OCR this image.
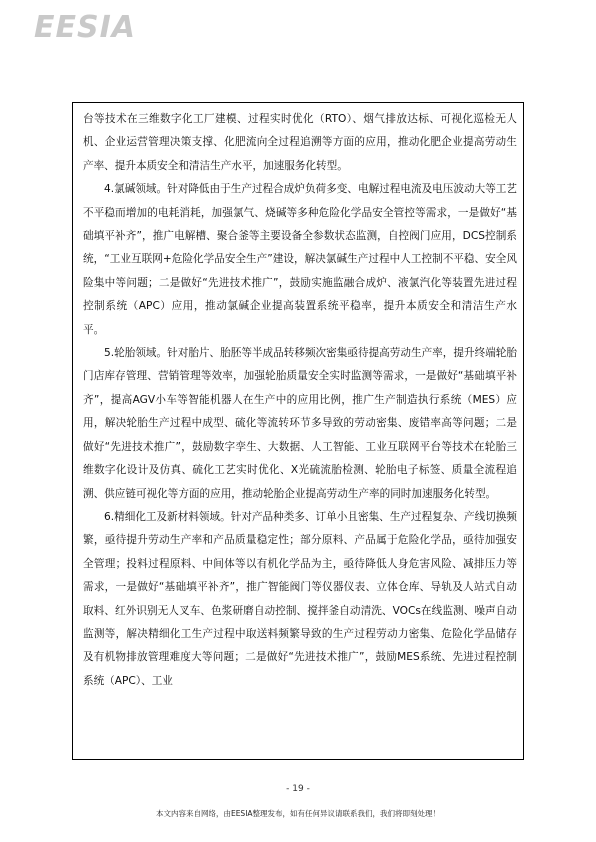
EESIA

台等技术在三维数字化工厂建模、过程实时优化（RTO）、烟气排放达标、可视化巡检无人机、企业运营管理决策支撑、化肥流向全过程追溯等方面的应用，推动化肥企业提高劳动生产率、提升本质安全和清洁生产水平，加速服务化转型。

4.氯碱领域。针对降低由于生产过程合成炉负荷多变、电解过程电流及电压波动大等工艺不平稳而增加的电耗消耗，加强氯气、烧碱等多种危险化学品安全管控等需求，一是做好“基础填平补齐”，推广电解槽、聚合釜等主要设备全参数状态监测，自控阀门应用，DCS控制系统，“工业互联网+危险化学品安全生产”建设，解决氯碱生产过程中人工控制不平稳、安全风险集中等问题；二是做好“先进技术推广”，鼓励实施监融合成炉、液氯汽化等装置先进过程控制系统（APC）应用，推动氯碱企业提高装置系统平稳率，提升本质安全和清洁生产水平。

5.轮胎领域。针对胎片、胎胚等半成品转移频次密集亟待提高劳动生产率，提升终端轮胎门店库存管理、营销管理等效率，加强轮胎质量安全实时监测等需求，一是做好“基础填平补齐”，提高AGV小车等智能机器人在生产中的应用比例，推广生产制造执行系统（MES）应用，解决轮胎生产过程中成型、硫化等流转环节多导致的劳动密集、废错率高等问题；二是做好“先进技术推广”，鼓励数字孪生、大数据、人工智能、工业互联网平台等技术在轮胎三维数字化设计及仿真、硫化工艺实时优化、X光硫流胎检测、轮胎电子标签、质量全流程追溯、供应链可视化等方面的应用，推动轮胎企业提高劳动生产率的同时加速服务化转型。

6.精细化工及新材料领域。针对产品种类多、订单小且密集、生产过程复杂、产线切换频繁，亟待提升劳动生产率和产品质量稳定性；部分原料、产品属于危险化学品，亟待加强安全管理；投料过程原料、中间体等以有机化学品为主，亟待降低人身危害风险、减排压力等需求，一是做好“基础填平补齐”，推广智能阀门等仪器仪表、立体仓库、导轨及人站式自动取料、红外识别无人叉车、色浆研磨自动控制、搅拌釜自动清洗、VOCs在线监测、噪声自动监测等，解决精细化工生产过程中取送料频繁导致的生产过程劳动力密集、危险化学品储存及有机物排放管理难度大等问题；二是做好“先进技术推广”，鼓励MES系统、先进过程控制系统（APC）、工业

- 19 -
本文内容来自网络，由EESIA整理发布，如有任何异议请联系我们，我们将即刻处理！
